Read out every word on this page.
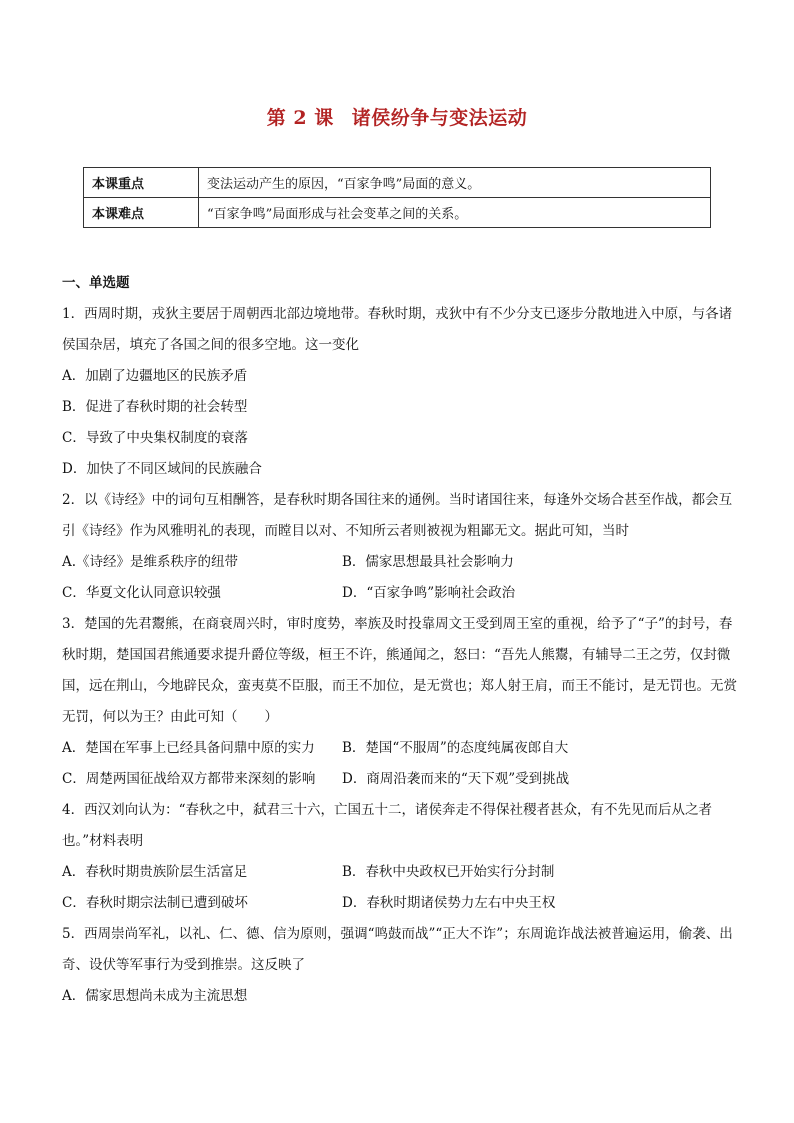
第 2 课 诸侯纷争与变法运动
本课重点	变法运动产生的原因，“百家争鸣”局面的意义。
本课难点	“百家争鸣”局面形成与社会变革之间的关系。
一、单选题

1．西周时期，戎狄主要居于周朝西北部边境地带。春秋时期，戎狄中有不少分支已逐步分散地进入中原，与各诸侯国杂居，填充了各国之间的很多空地。这一变化

A．加剧了边疆地区的民族矛盾

B．促进了春秋时期的社会转型

C．导致了中央集权制度的衰落

D．加快了不同区域间的民族融合

2．以《诗经》中的词句互相酬答，是春秋时期各国往来的通例。当时诸国往来，每逢外交场合甚至作战，都会互引《诗经》作为风雅明礼的表现，而瞠目以对、不知所云者则被视为粗鄙无文。据此可知，当时

A.《诗经》是维系秩序的纽带	B．儒家思想最具社会影响力

C．华夏文化认同意识较强	D．“百家争鸣”影响社会政治

3．楚国的先君鬻熊，在商衰周兴时，审时度势，率族及时投靠周文王受到周王室的重视，给予了“子”的封号，春秋时期，楚国国君熊通要求提升爵位等级，桓王不许，熊通闻之，怒曰：“吾先人熊鬻，有辅导二王之劳，仅封微国，远在荆山，今地辟民众，蛮夷莫不臣服，而王不加位，是无赏也；郑人射王肩，而王不能讨，是无罚也。无赏无罚，何以为王？由此可知（　　）

A．楚国在军事上已经具备问鼎中原的实力	B．楚国“不服周”的态度纯属夜郎自大

C．周楚两国征战给双方都带来深刻的影响	D．商周沿袭而来的“天下观”受到挑战

4．西汉刘向认为：“春秋之中，弑君三十六，亡国五十二，诸侯奔走不得保社稷者甚众，有不先见而后从之者也。”材料表明

A．春秋时期贵族阶层生活富足	B．春秋中央政权已开始实行分封制

C．春秋时期宗法制已遭到破坏	D．春秋时期诸侯势力左右中央王权

5．西周崇尚军礼，以礼、仁、德、信为原则，强调“鸣鼓而战”“正大不诈”；东周诡诈战法被普遍运用，偷袭、出奇、设伏等军事行为受到推崇。这反映了

A．儒家思想尚未成为主流思想
